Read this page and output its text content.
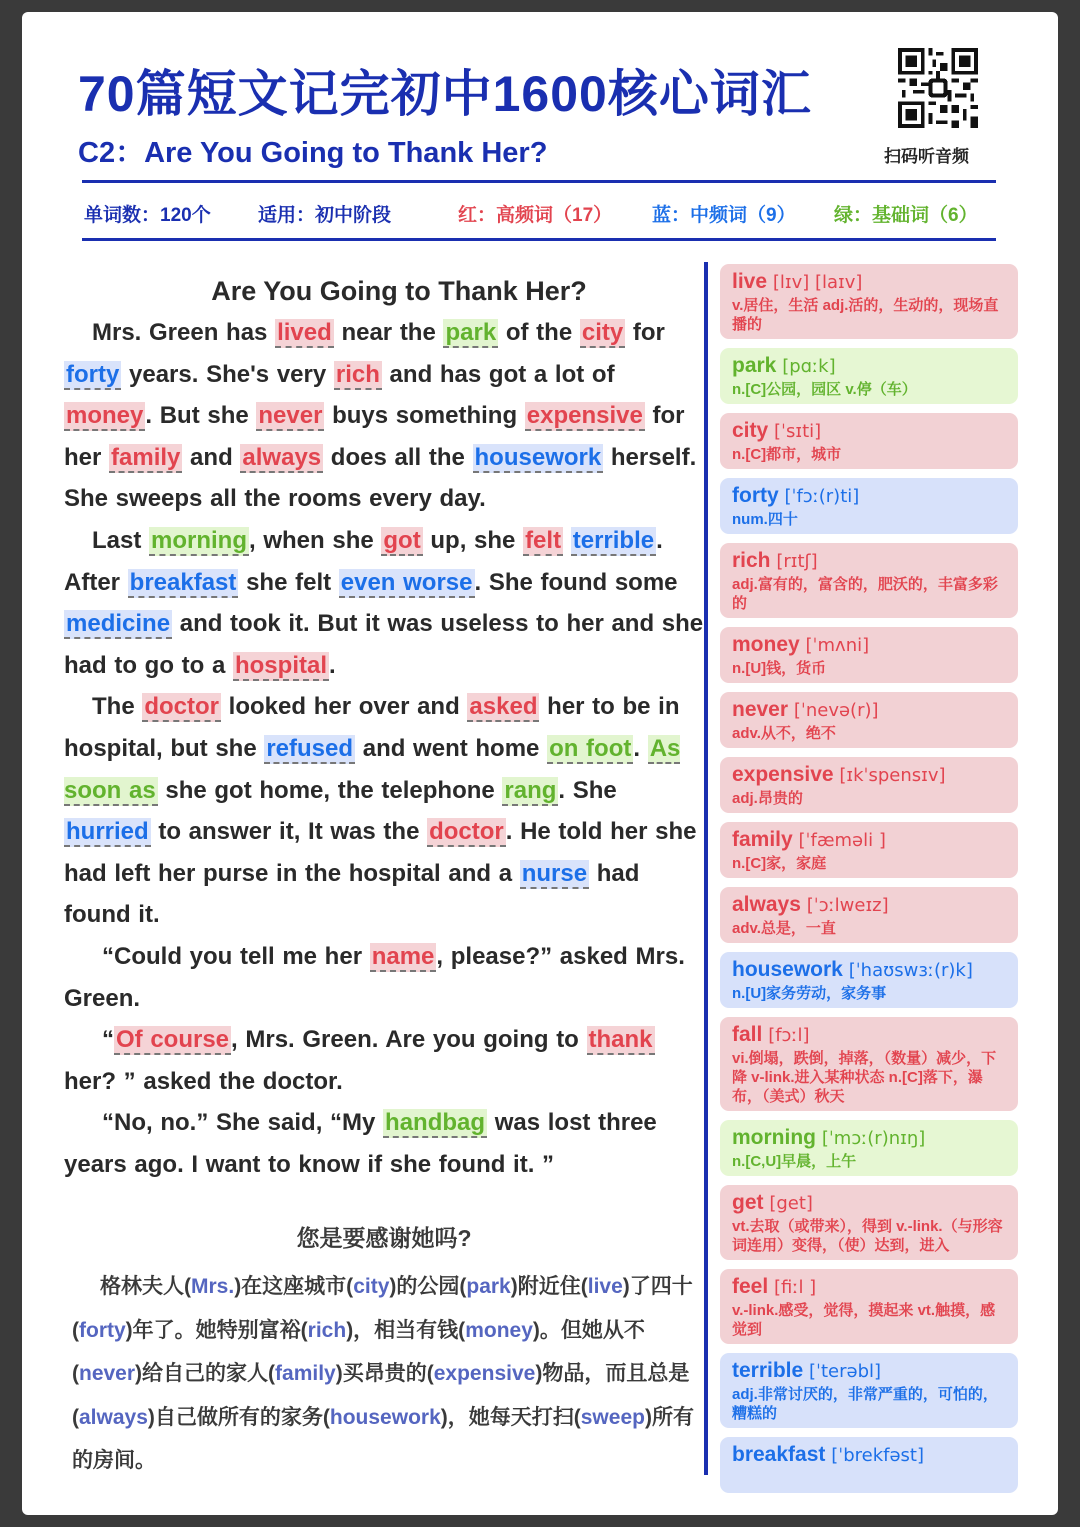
70篇短文记完初中1600核心词汇
C2：Are You Going to Thank Her?	扫码听音频
单词数：120个 适用：初中阶段	红：高频词（17） 蓝：中频词（9） 绿：基础词（6）
Are You Going to Thank Her?

Mrs. Green has lived near the park of the city for forty years. She's very rich and has got a lot of money. But she never buys something expensive for her family and always does all the housework herself. She sweeps all the rooms every day.

Last morning, when she got up, she felt terrible. After breakfast she felt even worse. She found some medicine and took it. But it was useless to her and she had to go to a hospital.

The doctor looked her over and asked her to be in hospital, but she refused and went home on foot. As soon as she got home, the telephone rang. She hurried to answer it, It was the doctor. He told her she had left her purse in the hospital and a nurse had found it.

“Could you tell me her name, please?” asked Mrs. Green.

“Of course, Mrs. Green. Are you going to thank her? ” asked the doctor.

“No, no.” She said, “My handbag was lost three years ago. I want to know if she found it. ”

您是要感谢她吗?

格林夫人(Mrs.)在这座城市(city)的公园(park)附近住(live)了四十(forty)年了。她特别富裕(rich)，相当有钱(money)。但她从不(never)给自己的家人(family)买昂贵的(expensive)物品，而且总是(always)自己做所有的家务(housework)，她每天打扫(sweep)所有的房间。

live [lɪv] [laɪv]
v.居住，生活 adj.活的，生动的，现场直播的
park [pɑːk]
n.[C]公园，园区 v.停（车）
city [ˈsɪti]
n.[C]都市，城市
forty [ˈfɔː(r)ti]
num.四十
rich [rɪtʃ]
adj.富有的，富含的，肥沃的，丰富多彩的
money [ˈmʌni]
n.[U]钱，货币
never [ˈnevə(r)]
adv.从不，绝不
expensive [ɪkˈspensɪv]
adj.昂贵的
family [ˈfæməli ]
n.[C]家，家庭
always [ˈɔːlweɪz]
adv.总是，一直
housework [ˈhaʊswɜː(r)k]
n.[U]家务劳动，家务事
fall [fɔːl]
vi.倒塌，跌倒，掉落，（数量）减少，下降 v-link.进入某种状态 n.[C]落下，瀑布，（美式）秋天
morning [ˈmɔː(r)nɪŋ]
n.[C,U]早晨，上午
get [get]
vt.去取（或带来），得到 v.-link.（与形容词连用）变得，（使）达到，进入
feel [fiːl ]
v.-link.感受，觉得，摸起来 vt.触摸，感觉到
terrible [ˈterəbl]
adj.非常讨厌的，非常严重的，可怕的，糟糕的
breakfast [ˈbrekfəst]
